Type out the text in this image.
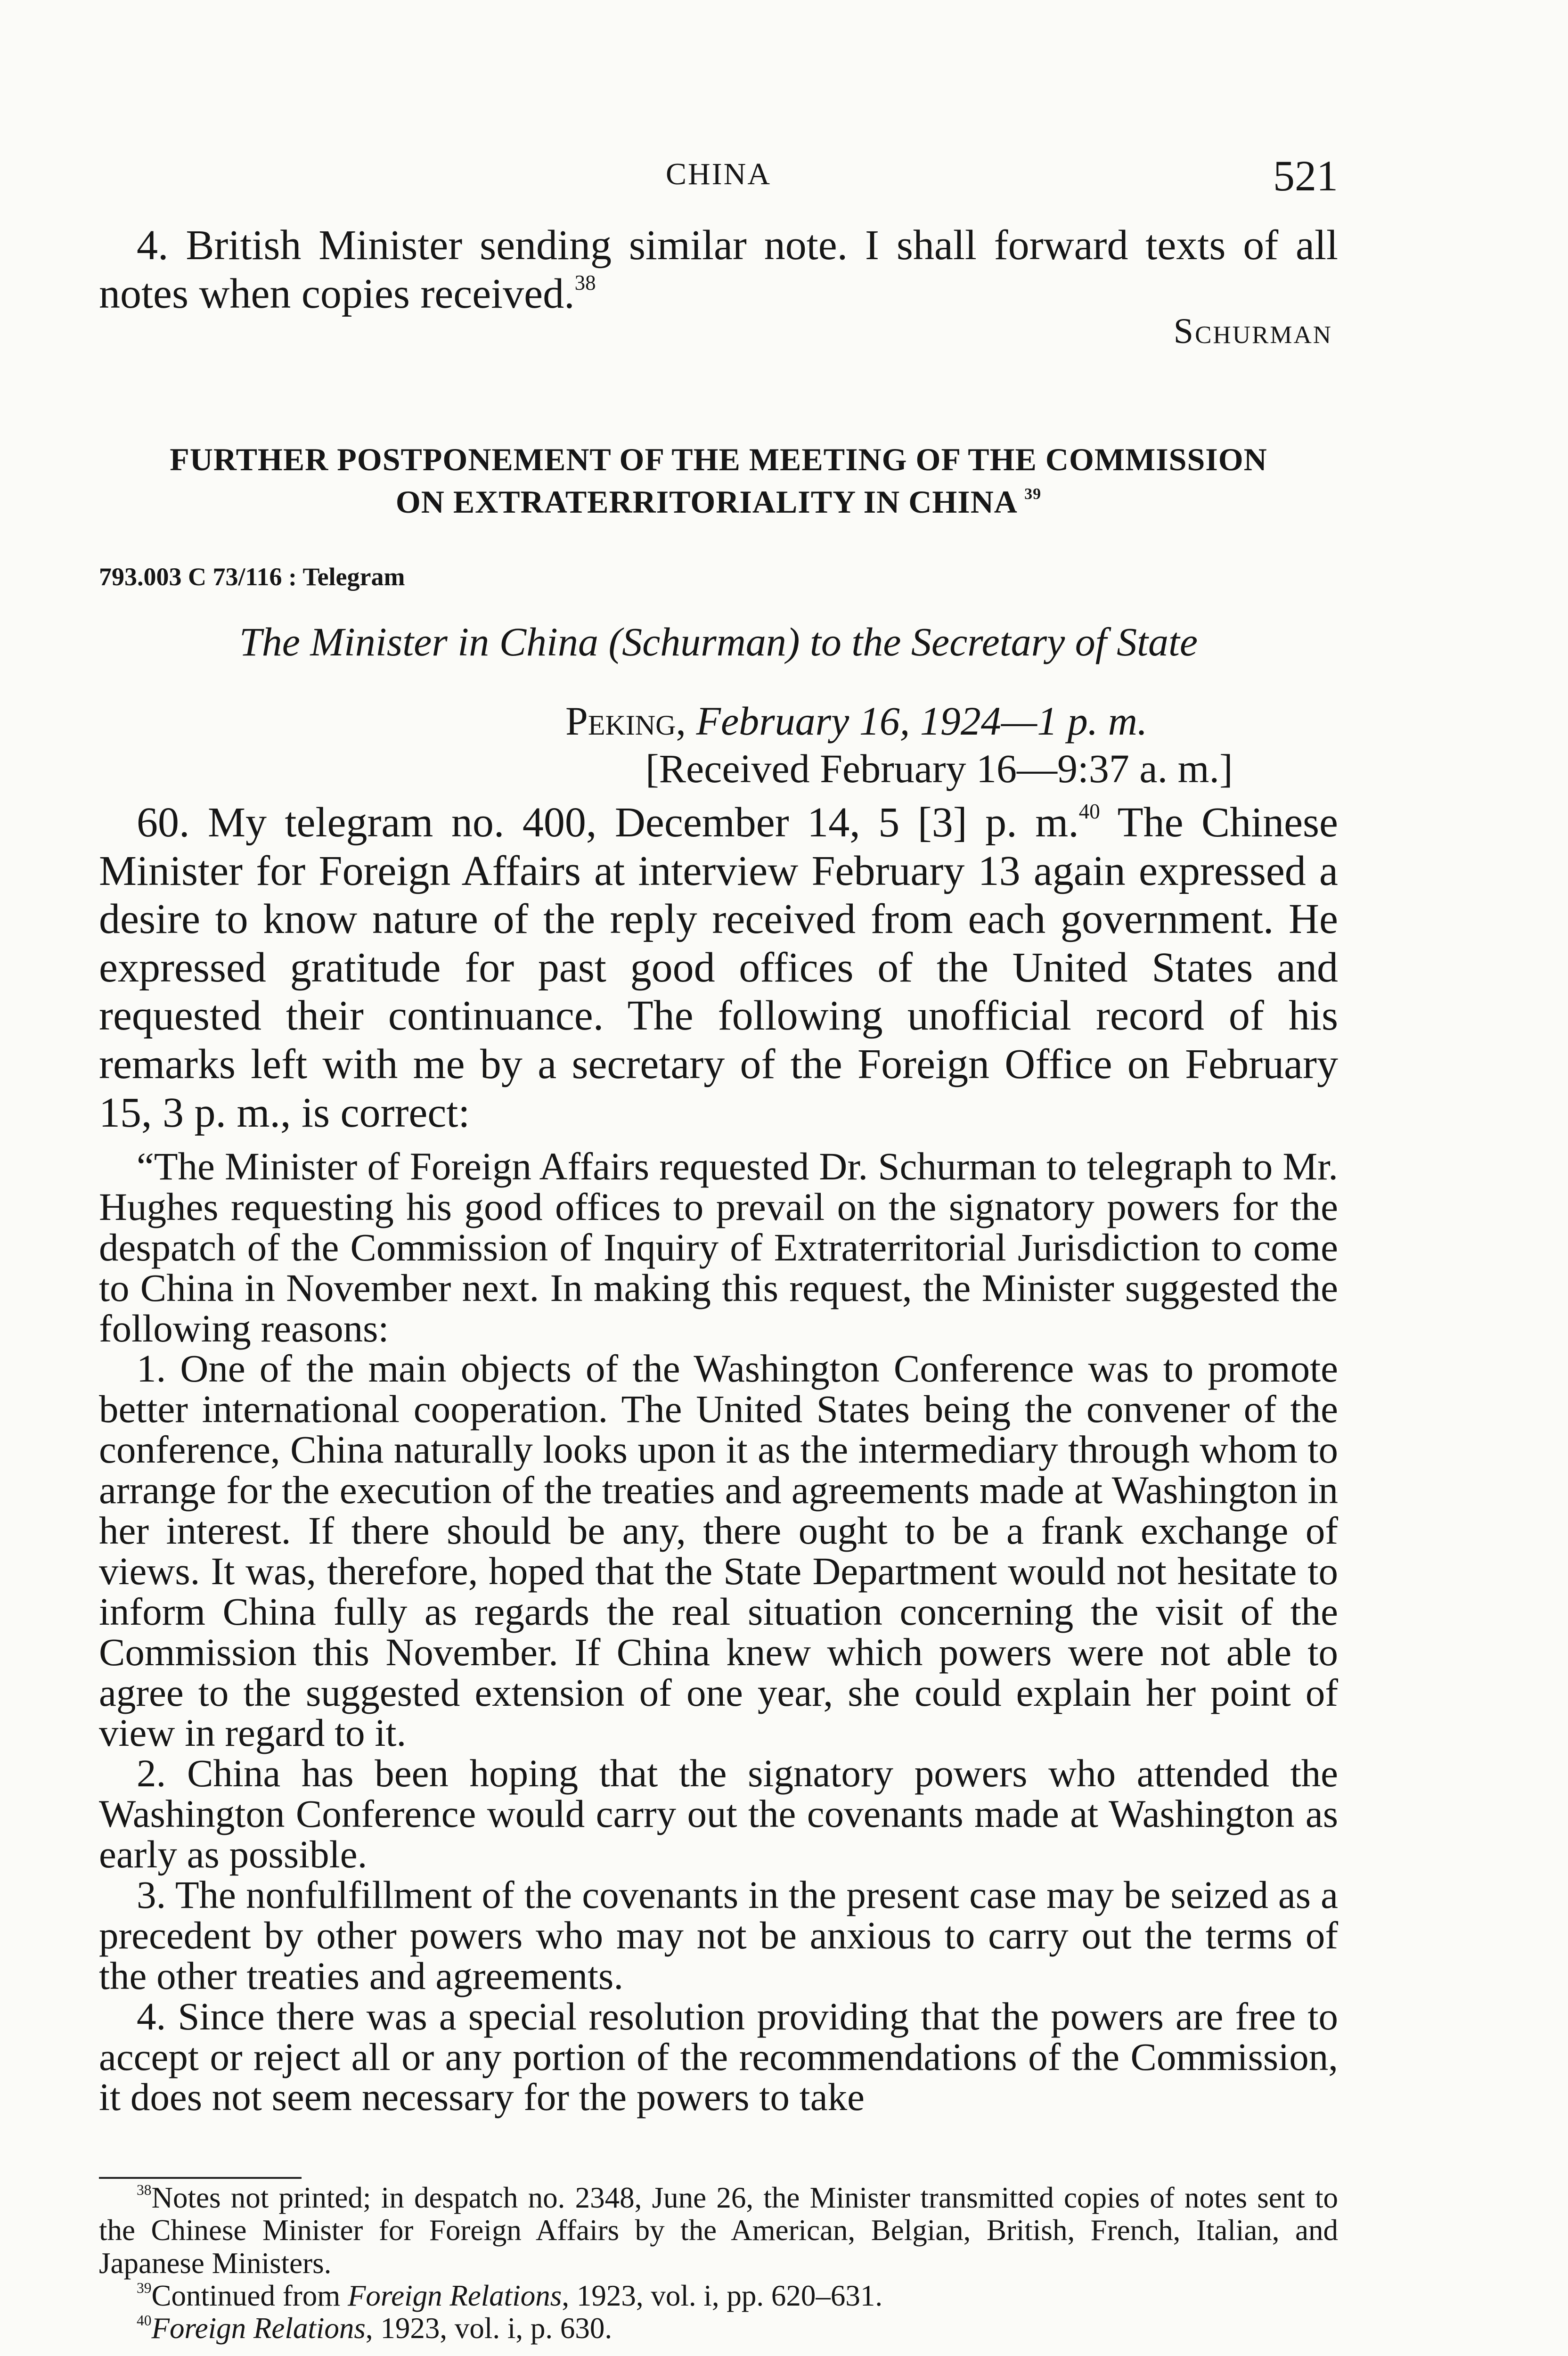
CHINA	521
4. British Minister sending similar note. I shall forward texts of all notes when copies received.$^{38}$
Schurman
FURTHER POSTPONEMENT OF THE MEETING OF THE COMMISSION
ON EXTRATERRITORIALITY IN CHINA $^{39}$
793.003 C 73/116 : Telegram
The Minister in China (Schurman) to the Secretary of State
Peking, February 16, 1924—1 p. m.
[Received February 16—9:37 a. m.]
60. My telegram no. 400, December 14, 5 [3] p. m.$^{40}$ The Chinese Minister for Foreign Affairs at interview February 13 again expressed a desire to know nature of the reply received from each government. He expressed gratitude for past good offices of the United States and requested their continuance. The following unofficial record of his remarks left with me by a secretary of the Foreign Office on February 15, 3 p. m., is correct:
“The Minister of Foreign Affairs requested Dr. Schurman to telegraph to Mr. Hughes requesting his good offices to prevail on the signatory powers for the despatch of the Commission of Inquiry of Extraterritorial Jurisdiction to come to China in November next. In making this request, the Minister suggested the following reasons:
1. One of the main objects of the Washington Conference was to promote better international cooperation. The United States being the convener of the conference, China naturally looks upon it as the intermediary through whom to arrange for the execution of the treaties and agreements made at Washington in her interest. If there should be any, there ought to be a frank exchange of views. It was, therefore, hoped that the State Department would not hesitate to inform China fully as regards the real situation concerning the visit of the Commission this November. If China knew which powers were not able to agree to the suggested extension of one year, she could explain her point of view in regard to it.
2. China has been hoping that the signatory powers who attended the Washington Conference would carry out the covenants made at Washington as early as possible.
3. The nonfulfillment of the covenants in the present case may be seized as a precedent by other powers who may not be anxious to carry out the terms of the other treaties and agreements.
4. Since there was a special resolution providing that the powers are free to accept or reject all or any portion of the recommendations of the Commission, it does not seem necessary for the powers to take

$^{38}$Notes not printed; in despatch no. 2348, June 26, the Minister transmitted copies of notes sent to the Chinese Minister for Foreign Affairs by the American, Belgian, British, French, Italian, and Japanese Ministers.

$^{39}$Continued from Foreign Relations, 1923, vol. i, pp. 620–631.

$^{40}$Foreign Relations, 1923, vol. i, p. 630.
